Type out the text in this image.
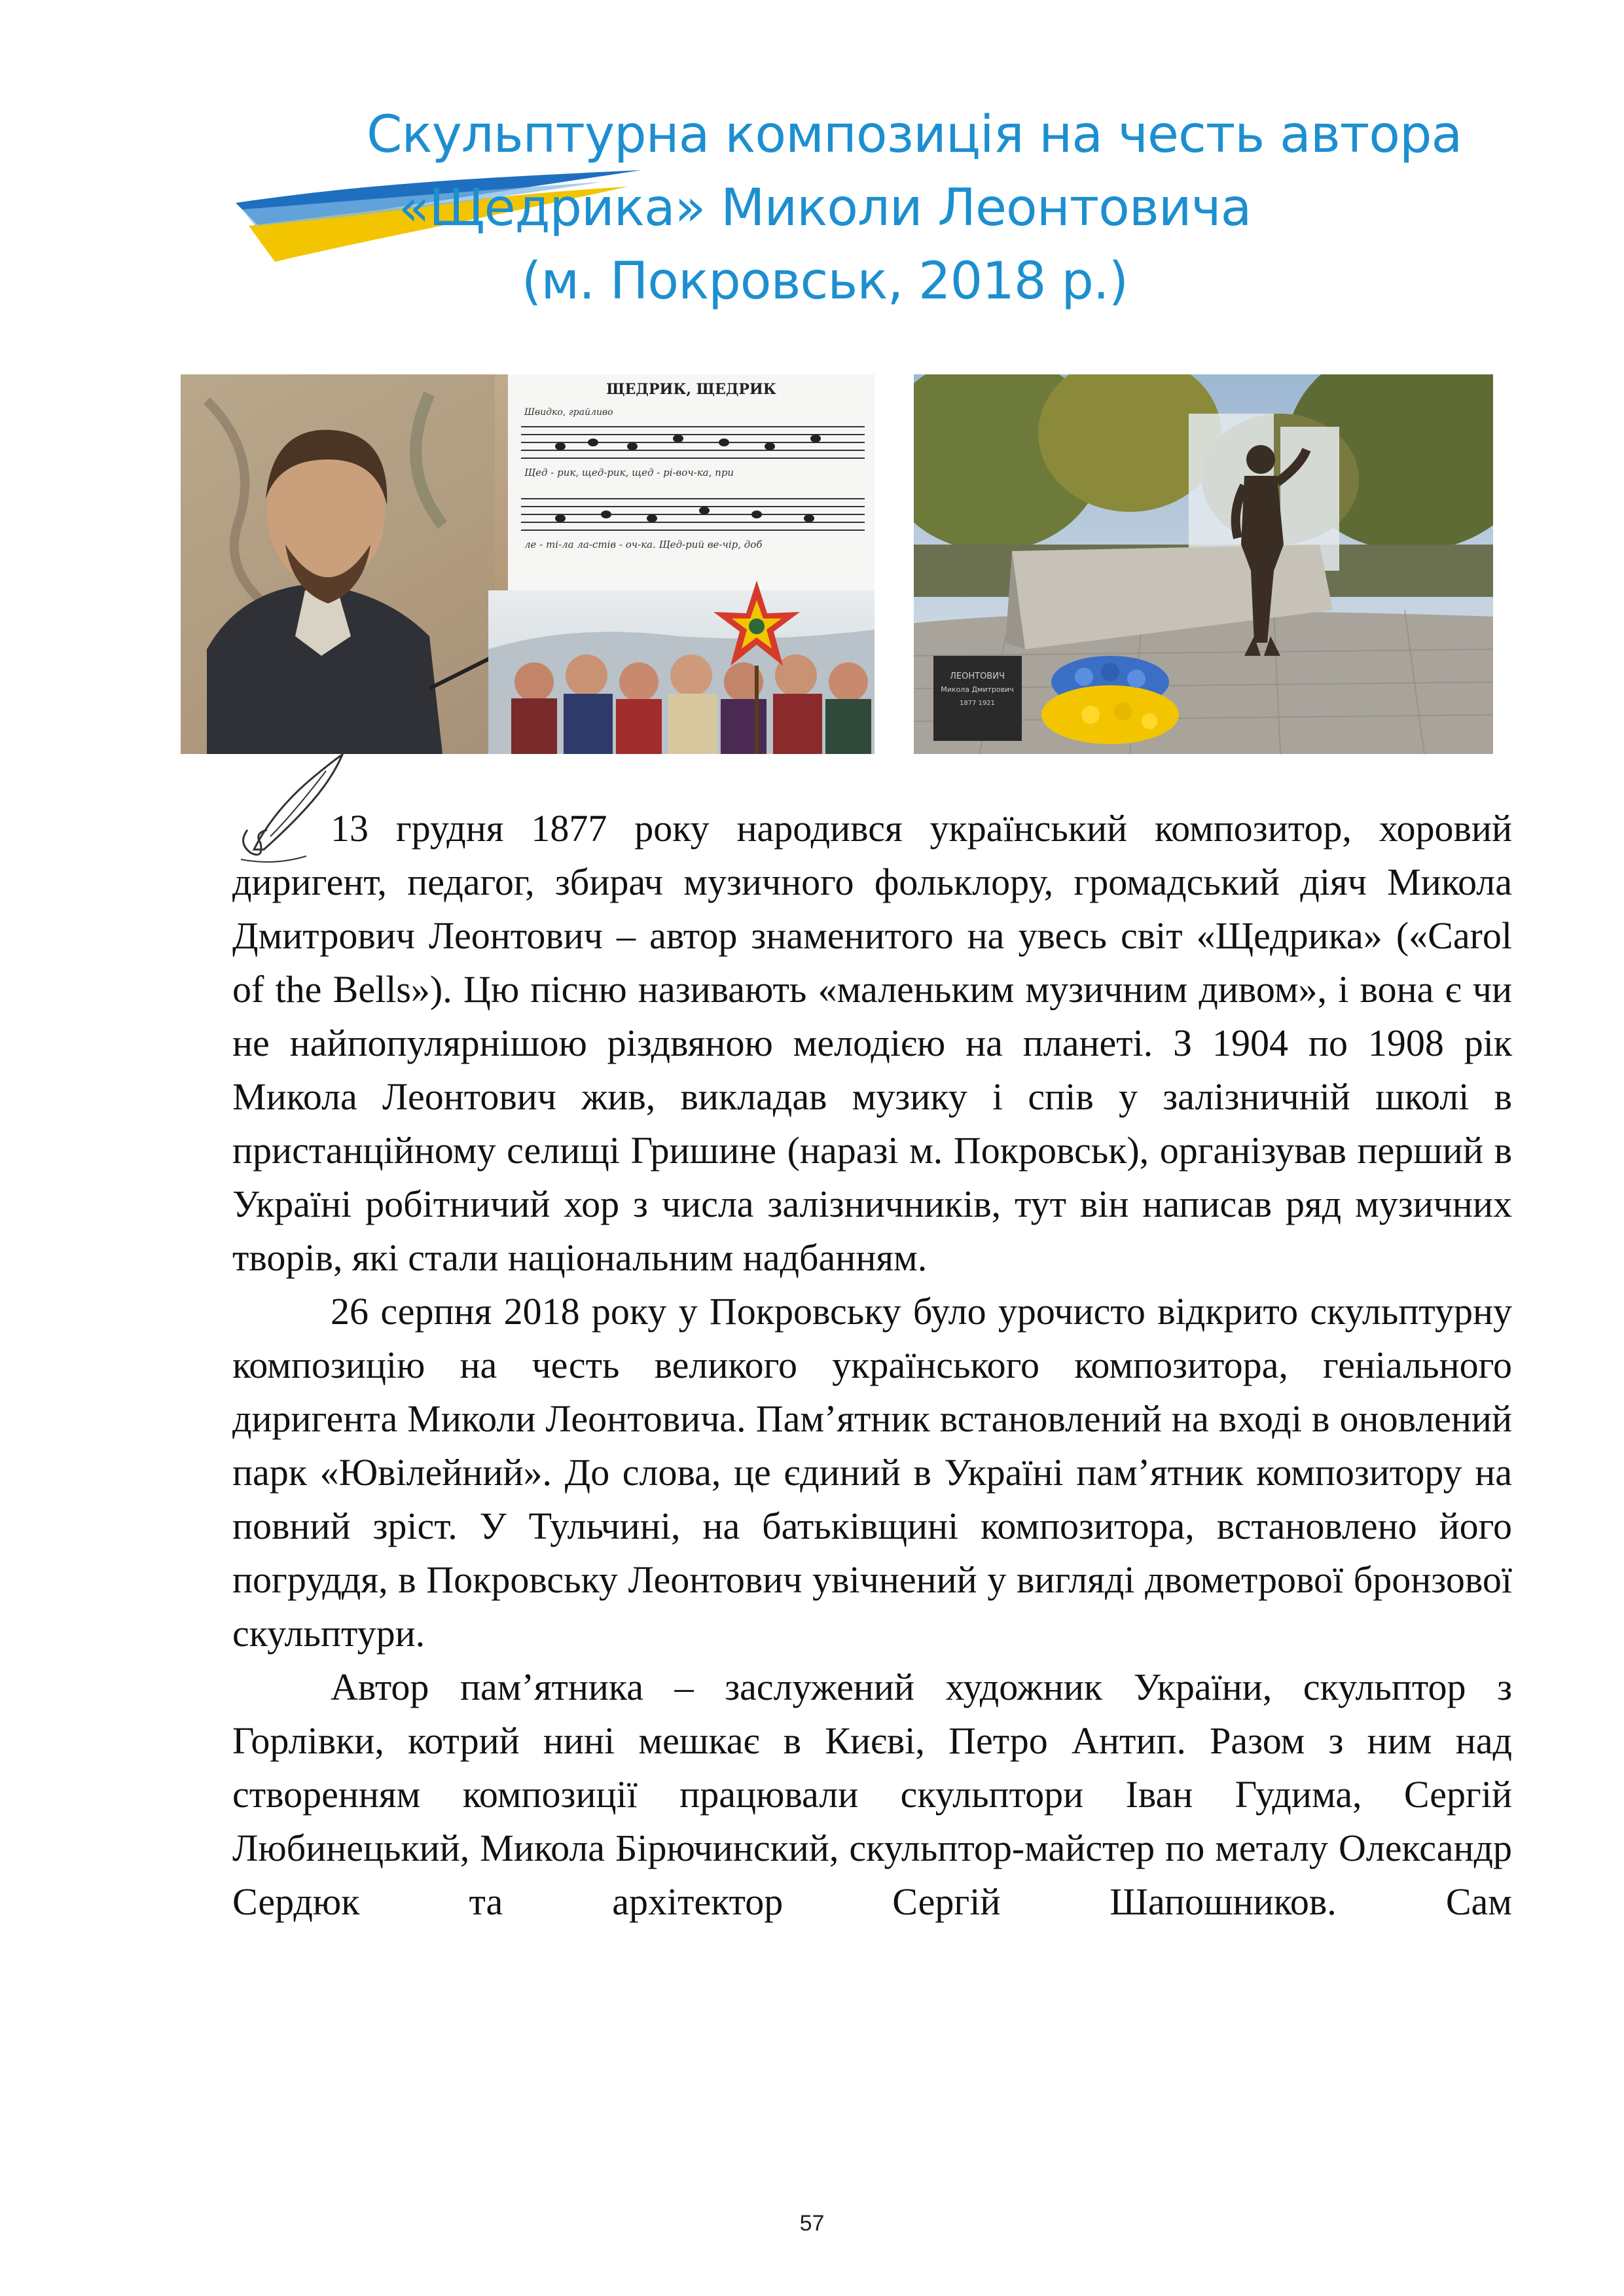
Скульптурна композиція на честь автора
«Щедрика» Миколи Леонтовича
(м. Покровськ, 2018 р.)
ЩЕДРИК, ЩЕДРИК
Швидко, грайливо
Щед - рик, щед-рик, щед - рі-воч-ка, при
ле - ті-ла ла-стів - оч-ка. Щед-рий ве-чір, доб
ЛЕОНТОВИЧ
Микола Дмитрович
1877 1921

13 грудня 1877 року народився український композитор, хоровий диригент, педагог, збирач музичного фольклору, громадський діяч Микола Дмитрович Леонтович – автор знаменитого на увесь світ «Щедрика» («Carol of the Bells»). Цю пісню називають «маленьким музичним дивом», і вона є чи не найпопулярнішою різдвяною мелодією на планеті. З 1904 по 1908 рік Микола Леонтович жив, викладав музику і спів у залізничній школі в пристанційному селищі Гришине (наразі м. Покровськ), організував перший в Україні робітничий хор з числа залізничників, тут він написав ряд музичних творів, які стали національним надбанням.

26 серпня 2018 року у Покровську було урочисто відкрито скульптурну композицію на честь великого українського композитора, геніального диригента Миколи Леонтовича. Пам’ятник встановлений на вході в оновлений парк «Ювілейний». До слова, це єдиний в Україні пам’ятник композитору на повний зріст. У Тульчині, на батьківщині композитора, встановлено його погруддя, в Покровську Леонтович увічнений у вигляді двометрової бронзової скульптури.

Автор пам’ятника – заслужений художник України, скульптор з Горлівки, котрий нині мешкає в Києві, Петро Антип. Разом з ним над створенням композиції працювали скульптори Іван Гудима, Сергій Любинецький, Микола Бірючинский, скульптор-майстер по металу Олександр Сердюк та архітектор Сергій Шапошников. Сам

57
